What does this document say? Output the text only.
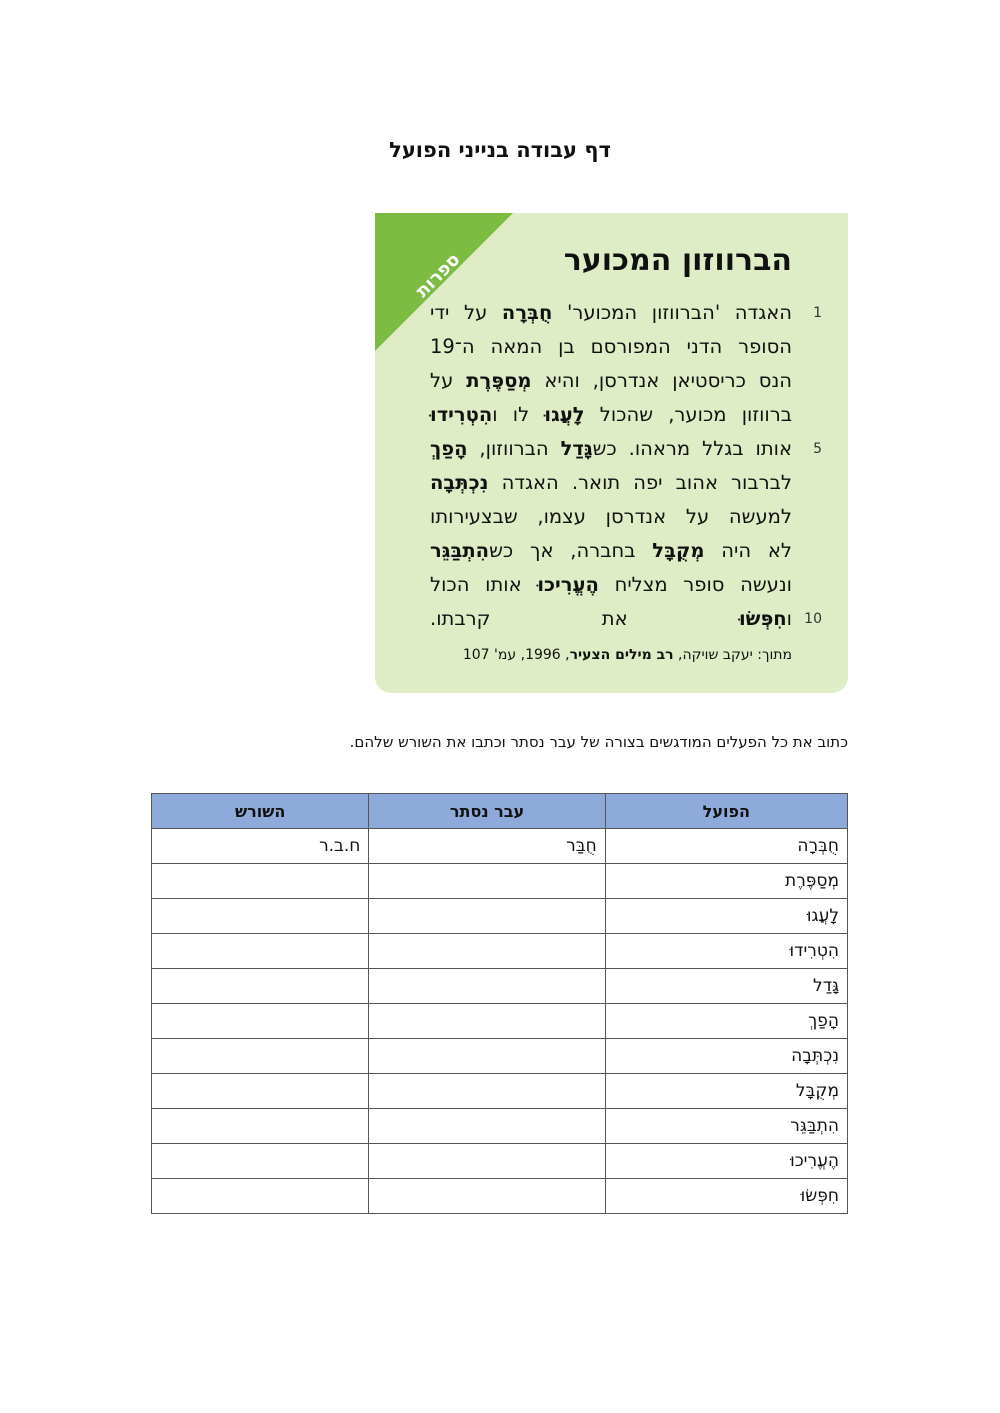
דף עבודה בנייני הפועל
ספרות	הברווזון המכוער
האגדה 'הברווזון המכוער' חֻבְּרָה על ידי	1
הסופר הדני המפורסם בן המאה ה־19
הנס כריסטיאן אנדרסן, והיא מְסַפֶּרֶת על
ברווזון מכוער, שהכול לָעֲגוּ לו והִטְרִידוּ
אותו בגלל מראהו. כשגָּדַל הברווזון, הָפַךְ	5
לברבור אהוב יפה תואר. האגדה נִכְתְּבָה
למעשה על אנדרסן עצמו, שבצעירותו
לא היה מְקֻבָּל בחברה, אך כשהִתְבַּגֵּר
ונעשה סופר מצליח הֶעֱרִיכוּ אותו הכול
וחִפְּשׂוּ את קרבתו.	10
מתוך: יעקב שויקה, רב מילים הצעיר, 1996, עמ' 107
כתוב את כל הפעלים המודגשים בצורה של עבר נסתר וכתבו את השורש שלהם.
הפועל	עבר נסתר	השורש
חֻבְּרָה	חֻבַּר	ח.ב.ר
מְסַפֶּרֶת		
לָעֲגוּ		
הִטְרִידוּ		
גָּדַל		
הָפַךְ		
נִכְתְּבָה		
מְקֻבָּל		
הִתְבַּגֵּר		
הֶעֱרִיכוּ		
חִפְּשׂוּ		
